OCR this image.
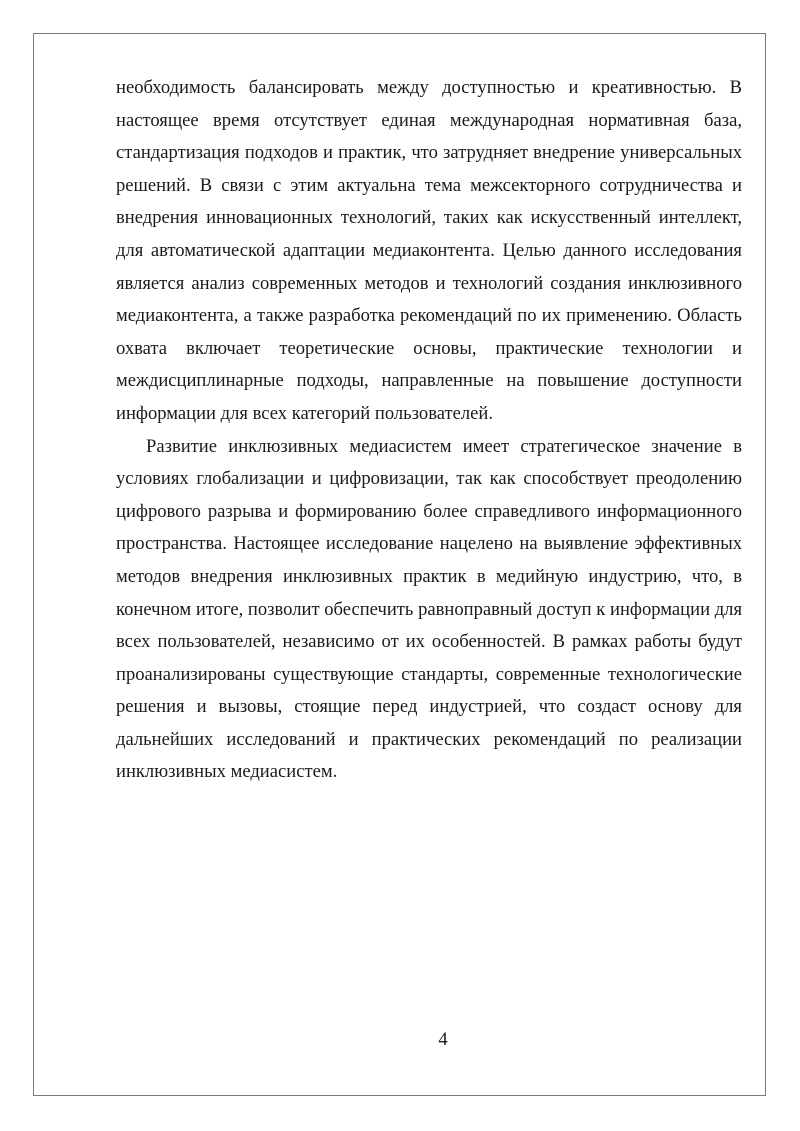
необходимость балансировать между доступностью и креативностью. В настоящее время отсутствует единая международная нормативная база, стандартизация подходов и практик, что затрудняет внедрение универсальных решений. В связи с этим актуальна тема межсекторного сотрудничества и внедрения инновационных технологий, таких как искусственный интеллект, для автоматической адаптации медиаконтента. Целью данного исследования является анализ современных методов и технологий создания инклюзивного медиаконтента, а также разработка рекомендаций по их применению. Область охвата включает теоретические основы, практические технологии и междисциплинарные подходы, направленные на повышение доступности информации для всех категорий пользователей.

Развитие инклюзивных медиасистем имеет стратегическое значение в условиях глобализации и цифровизации, так как способствует преодолению цифрового разрыва и формированию более справедливого информационного пространства. Настоящее исследование нацелено на выявление эффективных методов внедрения инклюзивных практик в медийную индустрию, что, в конечном итоге, позволит обеспечить равноправный доступ к информации для всех пользователей, независимо от их особенностей. В рамках работы будут проанализированы существующие стандарты, современные технологические решения и вызовы, стоящие перед индустрией, что создаст основу для дальнейших исследований и практических рекомендаций по реализации инклюзивных медиасистем.

4
